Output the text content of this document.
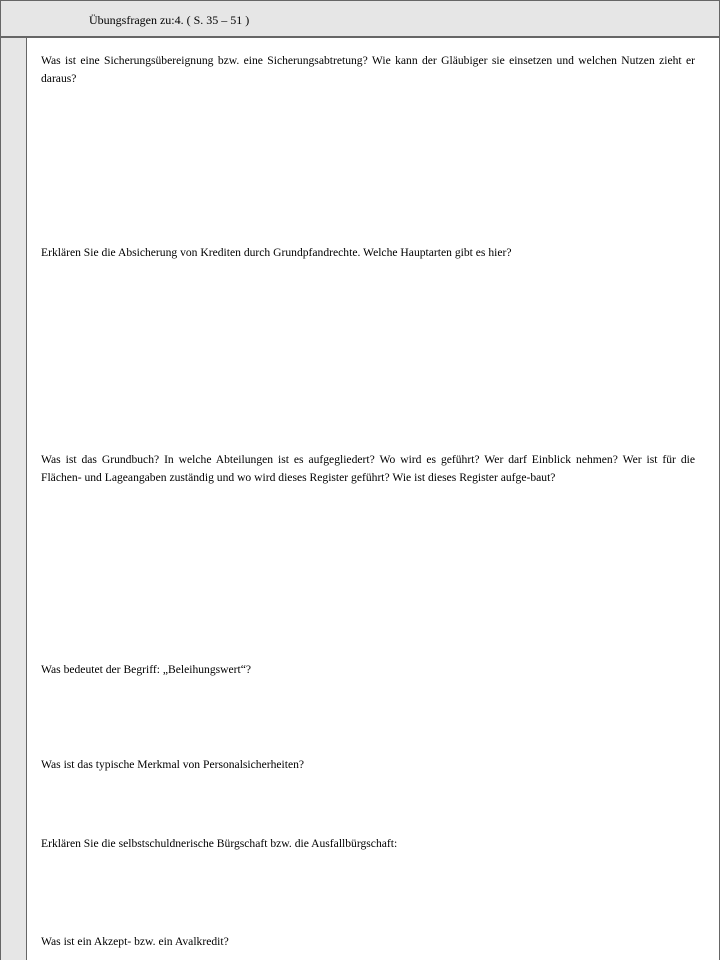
Übungsfragen zu:4. ( S. 35 – 51 )

Was ist eine Sicherungsübereignung bzw. eine Sicherungsabtretung? Wie kann der Gläubiger sie einsetzen und welchen Nutzen zieht er daraus?

Erklären Sie die Absicherung von Krediten durch Grundpfandrechte. Welche Hauptarten gibt es hier?

Was ist das Grundbuch? In welche Abteilungen ist es aufgegliedert? Wo wird es geführt? Wer darf Einblick nehmen? Wer ist für die Flächen- und Lageangaben zuständig und wo wird dieses Register geführt? Wie ist dieses Register aufge-baut?

Was bedeutet der Begriff: „Beleihungswert“?

Was ist das typische Merkmal von Personalsicherheiten?

Erklären Sie die selbstschuldnerische Bürgschaft bzw. die Ausfallbürgschaft:

Was ist ein Akzept- bzw. ein Avalkredit?
